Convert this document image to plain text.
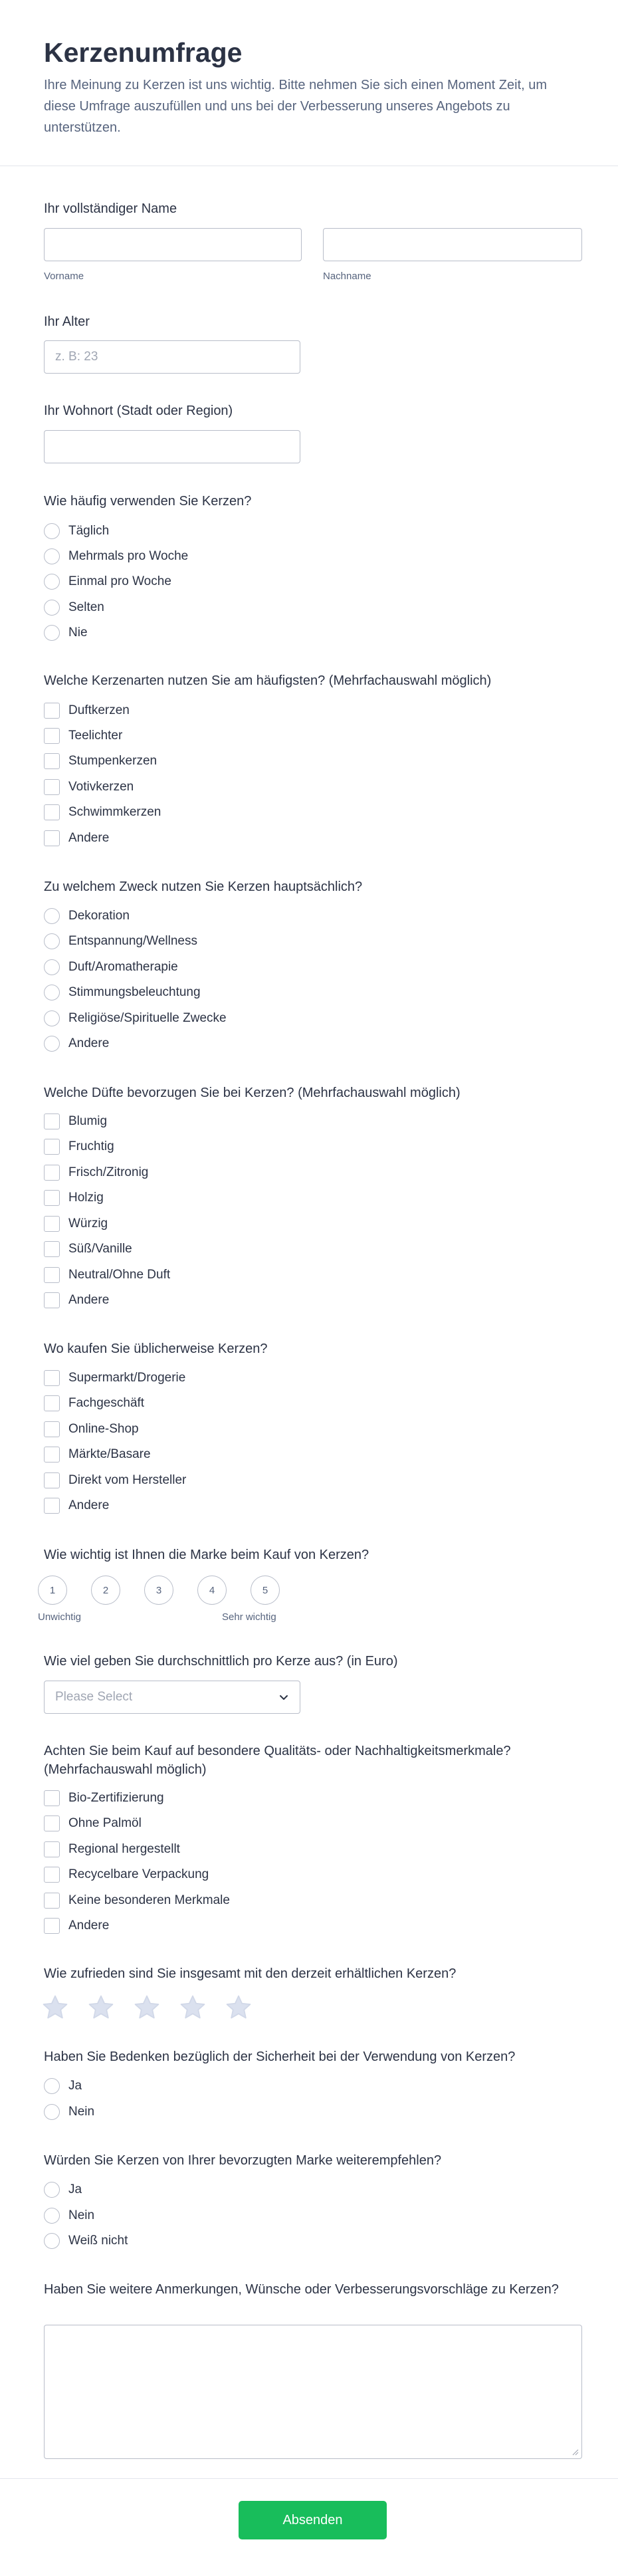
Kerzenumfrage

Ihre Meinung zu Kerzen ist uns wichtig. Bitte nehmen Sie sich einen Moment Zeit, um diese Umfrage auszufüllen und uns bei der Verbesserung unseres Angebots zu unterstützen.

Ihr vollständiger Name
Vorname	Nachname
Ihr Alter
z. B: 23
Ihr Wohnort (Stadt oder Region)
Wie häufig verwenden Sie Kerzen?
Täglich
Mehrmals pro Woche
Einmal pro Woche
Selten
Nie
Welche Kerzenarten nutzen Sie am häufigsten? (Mehrfachauswahl möglich)
Duftkerzen
Teelichter
Stumpenkerzen
Votivkerzen
Schwimmkerzen
Andere
Zu welchem Zweck nutzen Sie Kerzen hauptsächlich?
Dekoration
Entspannung/Wellness
Duft/Aromatherapie
Stimmungsbeleuchtung
Religiöse/Spirituelle Zwecke
Andere
Welche Düfte bevorzugen Sie bei Kerzen? (Mehrfachauswahl möglich)
Blumig
Fruchtig
Frisch/Zitronig
Holzig
Würzig
Süß/Vanille
Neutral/Ohne Duft
Andere
Wo kaufen Sie üblicherweise Kerzen?
Supermarkt/Drogerie
Fachgeschäft
Online-Shop
Märkte/Basare
Direkt vom Hersteller
Andere
Wie wichtig ist Ihnen die Marke beim Kauf von Kerzen?
1	2	3	4	5
Unwichtig	Sehr wichtig
Wie viel geben Sie durchschnittlich pro Kerze aus? (in Euro)
Please Select
Achten Sie beim Kauf auf besondere Qualitäts- oder Nachhaltigkeitsmerkmale? (Mehrfachauswahl möglich)
Bio-Zertifizierung
Ohne Palmöl
Regional hergestellt
Recycelbare Verpackung
Keine besonderen Merkmale
Andere
Wie zufrieden sind Sie insgesamt mit den derzeit erhältlichen Kerzen?
Haben Sie Bedenken bezüglich der Sicherheit bei der Verwendung von Kerzen?
Ja
Nein
Würden Sie Kerzen von Ihrer bevorzugten Marke weiterempfehlen?
Ja
Nein
Weiß nicht
Haben Sie weitere Anmerkungen, Wünsche oder Verbesserungsvorschläge zu Kerzen?
Absenden
